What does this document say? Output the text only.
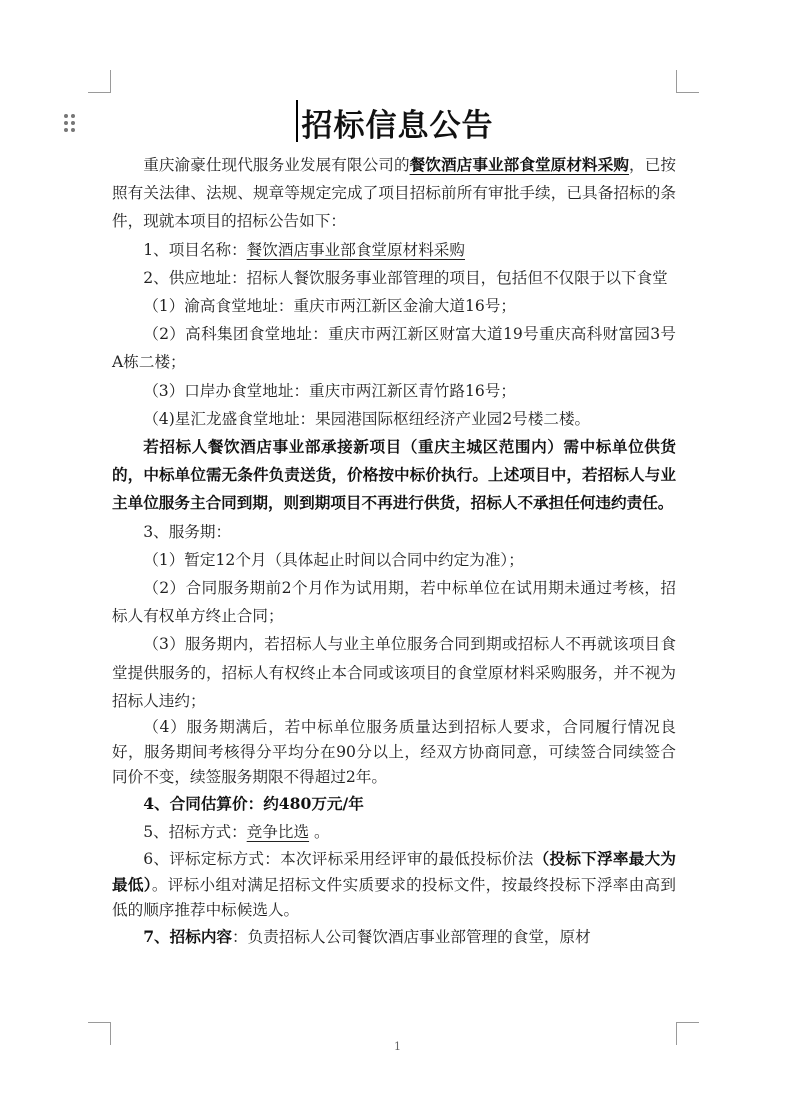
招标信息公告

重庆渝豪仕现代服务业发展有限公司的餐饮酒店事业部食堂原材料采购，已按照有关法律、法规、规章等规定完成了项目招标前所有审批手续，已具备招标的条件，现就本项目的招标公告如下：

1、项目名称：餐饮酒店事业部食堂原材料采购

2、供应地址：招标人餐饮服务事业部管理的项目，包括但不仅限于以下食堂

（1）渝高食堂地址：重庆市两江新区金渝大道16号；

（2）高科集团食堂地址：重庆市两江新区财富大道19号重庆高科财富园3号A栋二楼；

（3）口岸办食堂地址：重庆市两江新区青竹路16号；

（4)星汇龙盛食堂地址：果园港国际枢纽经济产业园2号楼二楼。

若招标人餐饮酒店事业部承接新项目（重庆主城区范围内）需中标单位供货的，中标单位需无条件负责送货，价格按中标价执行。上述项目中，若招标人与业主单位服务主合同到期，则到期项目不再进行供货，招标人不承担任何违约责任。

3、服务期：

（1）暂定12个月（具体起止时间以合同中约定为准）；

（2）合同服务期前2个月作为试用期，若中标单位在试用期未通过考核，招标人有权单方终止合同；

（3）服务期内，若招标人与业主单位服务合同到期或招标人不再就该项目食堂提供服务的，招标人有权终止本合同或该项目的食堂原材料采购服务，并不视为招标人违约；

（4）服务期满后，若中标单位服务质量达到招标人要求，合同履行情况良好，服务期间考核得分平均分在90分以上，经双方协商同意，可续签合同续签合同价不变，续签服务期限不得超过2年。

4、合同估算价：约480万元/年

5、招标方式：竞争比选 。

6、评标定标方式：本次评标采用经评审的最低投标价法（投标下浮率最大为最低）。评标小组对满足招标文件实质要求的投标文件，按最终投标下浮率由高到低的顺序推荐中标候选人。

7、招标内容：负责招标人公司餐饮酒店事业部管理的食堂，原材

1
